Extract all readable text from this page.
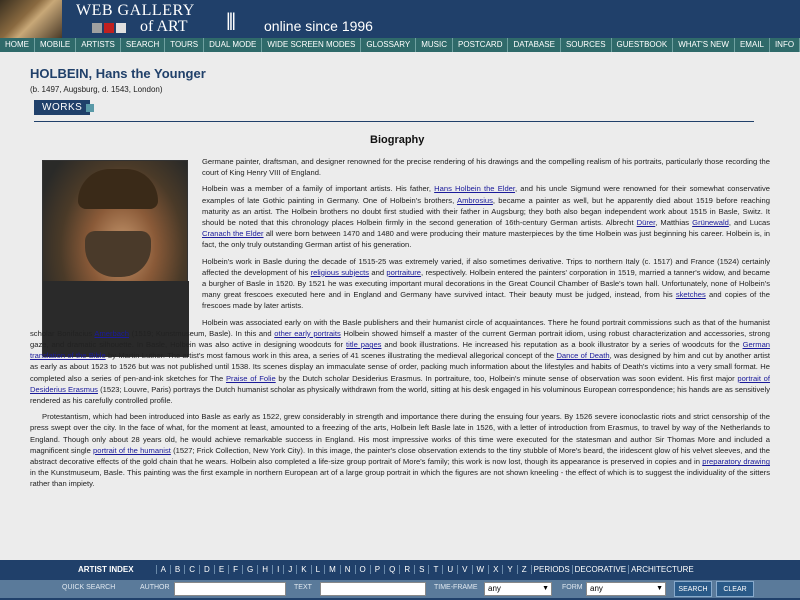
WEB GALLERY
of ART ||| online since 1996
HOME	MOBILE	ARTISTS	SEARCH	TOURS	DUAL MODE	WIDE SCREEN MODES	GLOSSARY	MUSIC	POSTCARD	DATABASE	SOURCES	GUESTBOOK	WHAT'S NEW	EMAIL	INFO
HOLBEIN, Hans the Younger
(b. 1497, Augsburg, d. 1543, London)
WORKS
Biography

Germane painter, draftsman, and designer renowned for the precise rendering of his drawings and the compelling realism of his portraits, particularly those recording the court of King Henry VIII of England.

Holbein was a member of a family of important artists. His father, Hans Holbein the Elder, and his uncle Sigmund were renowned for their somewhat conservative examples of late Gothic painting in Germany. One of Holbein's brothers, Ambrosius, became a painter as well, but he apparently died about 1519 before reaching maturity as an artist. The Holbein brothers no doubt first studied with their father in Augsburg; they both also began independent work about 1515 in Basle, Switz. It should be noted that this chronology places Holbein firmly in the second generation of 16th-century German artists. Albrecht Dürer, Matthias Grünewald, and Lucas Cranach the Elder all were born between 1470 and 1480 and were producing their mature masterpieces by the time Holbein was just beginning his career. Holbein is, in fact, the only truly outstanding German artist of his generation.

Holbein's work in Basle during the decade of 1515-25 was extremely varied, if also sometimes derivative. Trips to northern Italy (c. 1517) and France (1524) certainly affected the development of his religious subjects and portraiture, respectively. Holbein entered the painters' corporation in 1519, married a tanner's widow, and became a burgher of Basle in 1520. By 1521 he was executing important mural decorations in the Great Council Chamber of Basle's town hall. Unfortunately, none of Holbein's many great frescoes executed here and in England and Germany have survived intact. Their beauty must be judged, instead, from his sketches and copies of the frescoes made by later artists.

Holbein was associated early on with the Basle publishers and their humanist circle of acquaintances. There he found portrait commissions such as that of the humanist scholar Bonifacius Amerbach (1519; Kunstmuseum, Basle). In this and other early portraits Holbein showed himself a master of the current German portrait idiom, using robust characterization and accessories, strong gaze, and dramatic silhouette. In Basle, Holbein was also active in designing woodcuts for title pages and book illustrations. He increased his reputation as a book illustrator by a series of woodcuts for the German translation of the Bible by Martin Luther. The artist's most famous work in this area, a series of 41 scenes illustrating the medieval allegorical concept of the Dance of Death, was designed by him and cut by another artist as early as about 1523 to 1526 but was not published until 1538. Its scenes display an immaculate sense of order, packing much information about the lifestyles and habits of Death's victims into a very small format. He completed also a series of pen-and-ink sketches for The Praise of Folie by the Dutch scholar Desiderius Erasmus. In portraiture, too, Holbein's minute sense of observation was soon evident. His first major portrait of Desiderius Erasmus (1523; Louvre, Paris) portrays the Dutch humanist scholar as physically withdrawn from the world, sitting at his desk engaged in his voluminous European correspondence; his hands are as sensitively rendered as his carefully controlled profile.

Protestantism, which had been introduced into Basle as early as 1522, grew considerably in strength and importance there during the ensuing four years. By 1526 severe iconoclastic riots and strict censorship of the press swept over the city. In the face of what, for the moment at least, amounted to a freezing of the arts, Holbein left Basle late in 1526, with a letter of introduction from Erasmus, to travel by way of the Netherlands to England. Though only about 28 years old, he would achieve remarkable success in England. His most impressive works of this time were executed for the statesman and author Sir Thomas More and included a magnificent single portrait of the humanist (1527; Frick Collection, New York City). In this image, the painter's close observation extends to the tiny stubble of More's beard, the iridescent glow of his velvet sleeves, and the abstract decorative effects of the gold chain that he wears. Holbein also completed a life-size group portrait of More's family; this work is now lost, though its appearance is preserved in copies and in preparatory drawing in the Kunstmuseum, Basle. This painting was the first example in northern European art of a large group portrait in which the figures are not shown kneeling - the effect of which is to suggest the individuality of the sitters rather than impiety.

ARTIST INDEX	A	B	C	D	E	F	G	H	I	J	K	L	M	N	O	P	Q	R	S	T	U	V	W	X	Y	Z PERIODS DECORATIVE ARCHITECTURE
QUICK SEARCH	AUTHOR	TEXT	TIME-FRAME	any	▼ FORM any	▼	SEARCH	CLEAR
